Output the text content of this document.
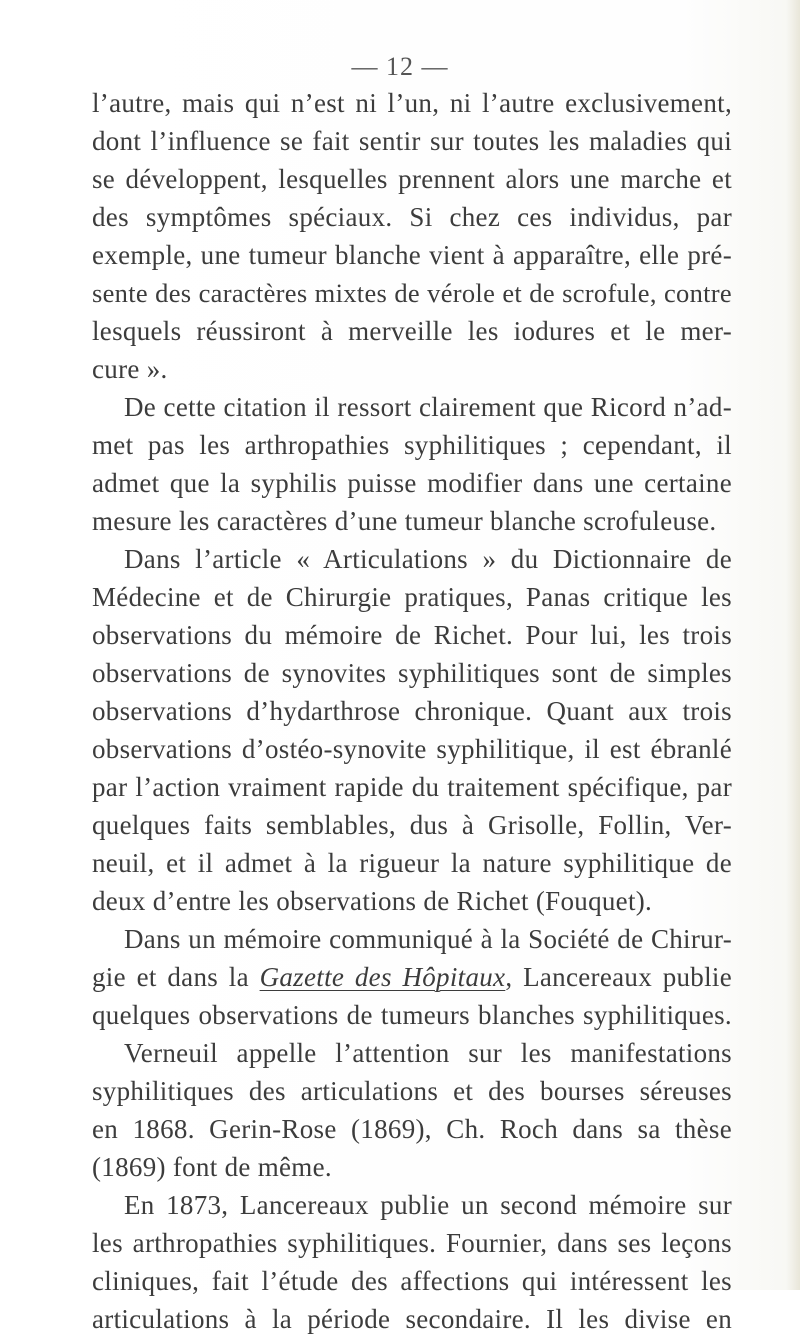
— 12 —
l’autre, mais qui n’est ni l’un, ni l’autre exclusivement,
dont l’influence se fait sentir sur toutes les maladies qui
se développent, lesquelles prennent alors une marche et
des symptômes spéciaux. Si chez ces individus, par
exemple, une tumeur blanche vient à apparaître, elle pré-
sente des caractères mixtes de vérole et de scrofule, contre
lesquels réussiront à merveille les iodures et le mer-
cure ».
De cette citation il ressort clairement que Ricord n’ad-
met pas les arthropathies syphilitiques ; cependant, il
admet que la syphilis puisse modifier dans une certaine
mesure les caractères d’une tumeur blanche scrofuleuse.
Dans l’article « Articulations » du Dictionnaire de
Médecine et de Chirurgie pratiques, Panas critique les
observations du mémoire de Richet. Pour lui, les trois
observations de synovites syphilitiques sont de simples
observations d’hydarthrose chronique. Quant aux trois
observations d’ostéo-synovite syphilitique, il est ébranlé
par l’action vraiment rapide du traitement spécifique, par
quelques faits semblables, dus à Grisolle, Follin, Ver-
neuil, et il admet à la rigueur la nature syphilitique de
deux d’entre les observations de Richet (Fouquet).
Dans un mémoire communiqué à la Société de Chirur-
gie et dans la Gazette des Hôpitaux, Lancereaux publie
quelques observations de tumeurs blanches syphilitiques.
Verneuil appelle l’attention sur les manifestations
syphilitiques des articulations et des bourses séreuses
en 1868. Gerin-Rose (1869), Ch. Roch dans sa thèse
(1869) font de même.
En 1873, Lancereaux publie un second mémoire sur
les arthropathies syphilitiques. Fournier, dans ses leçons
cliniques, fait l’étude des affections qui intéressent les
articulations à la période secondaire. Il les divise en
